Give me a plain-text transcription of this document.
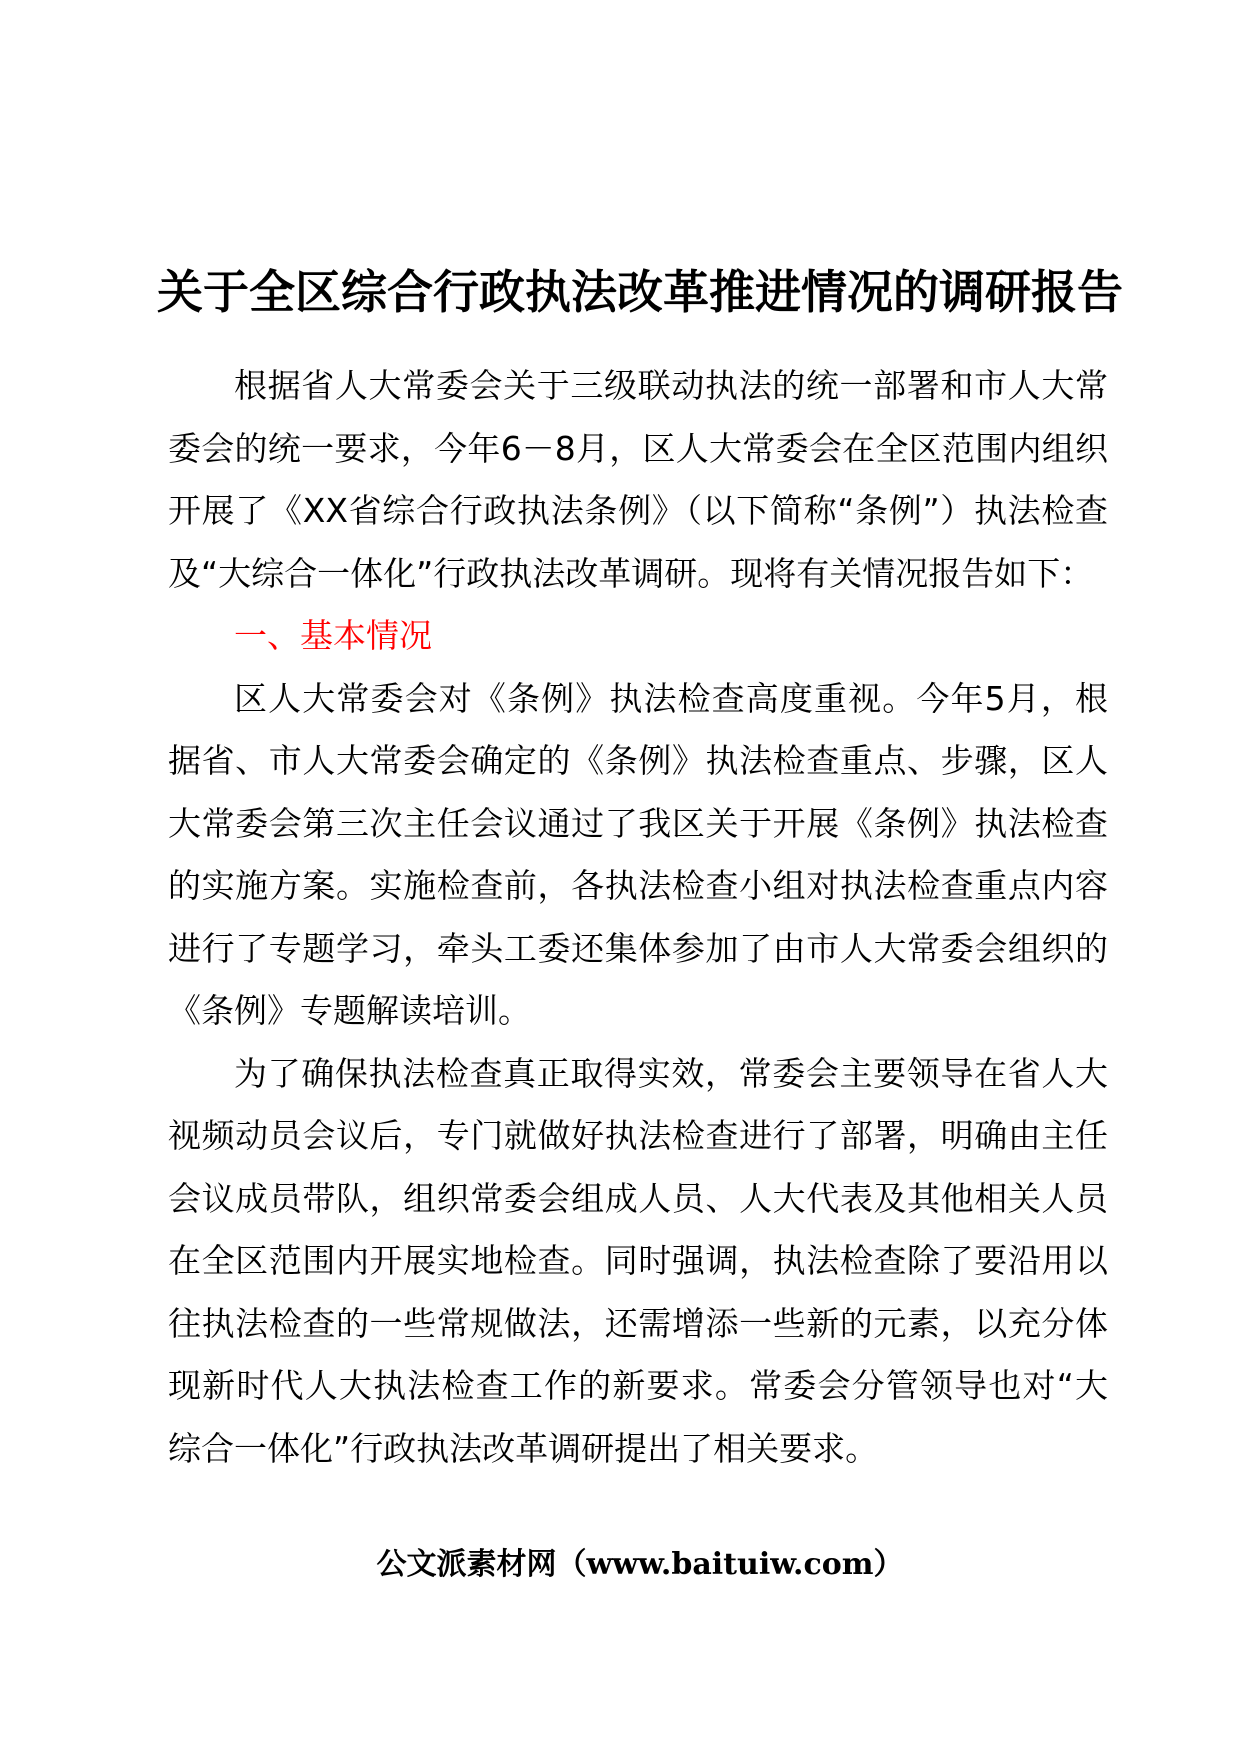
关于全区综合行政执法改革推进情况的调研报告

根据省人大常委会关于三级联动执法的统一部署和市人大常委会的统一要求，今年6－8月，区人大常委会在全区范围内组织开展了《XX省综合行政执法条例》（以下简称“条例”）执法检查及“大综合一体化”行政执法改革调研。现将有关情况报告如下：

一、基本情况

区人大常委会对《条例》执法检查高度重视。今年5月，根据省、市人大常委会确定的《条例》执法检查重点、步骤，区人大常委会第三次主任会议通过了我区关于开展《条例》执法检查的实施方案。实施检查前，各执法检查小组对执法检查重点内容进行了专题学习，牵头工委还集体参加了由市人大常委会组织的《条例》专题解读培训。

为了确保执法检查真正取得实效，常委会主要领导在省人大视频动员会议后，专门就做好执法检查进行了部署，明确由主任会议成员带队，组织常委会组成人员、人大代表及其他相关人员在全区范围内开展实地检查。同时强调，执法检查除了要沿用以往执法检查的一些常规做法，还需增添一些新的元素，以充分体现新时代人大执法检查工作的新要求。常委会分管领导也对“大综合一体化”行政执法改革调研提出了相关要求。

公文派素材网（www.baituiw.com）
